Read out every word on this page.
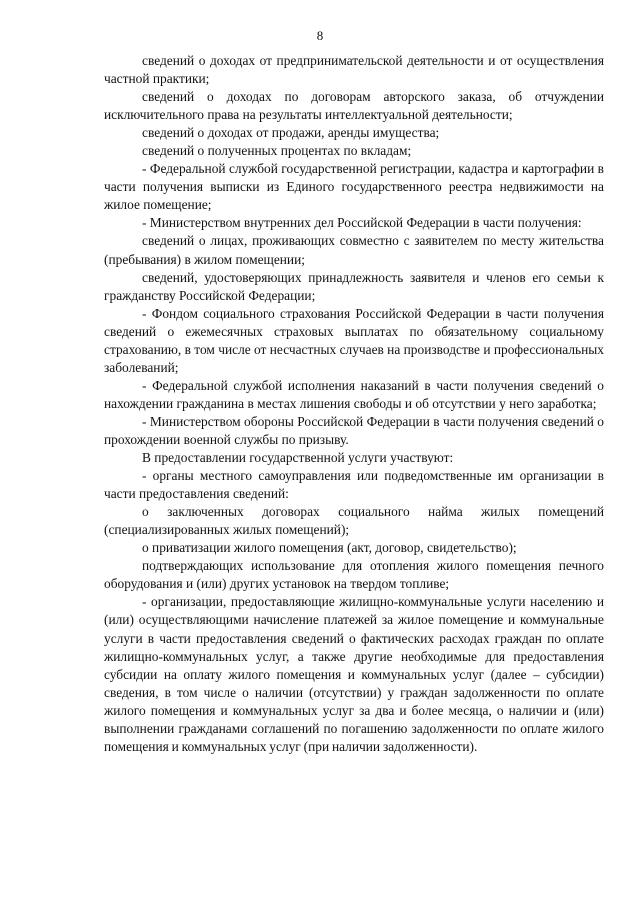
8

сведений о доходах от предпринимательской деятельности и от осуществления частной практики;

сведений о доходах по договорам авторского заказа, об отчуждении исключительного права на результаты интеллектуальной деятельности;

сведений о доходах от продажи, аренды имущества;

сведений о полученных процентах по вкладам;

- Федеральной службой государственной регистрации, кадастра и картографии в части получения выписки из Единого государственного реестра недвижимости на жилое помещение;

- Министерством внутренних дел Российской Федерации в части получения:

сведений о лицах, проживающих совместно с заявителем по месту жительства (пребывания) в жилом помещении;

сведений, удостоверяющих принадлежность заявителя и членов его семьи к гражданству Российской Федерации;

- Фондом социального страхования Российской Федерации в части получения сведений о ежемесячных страховых выплатах по обязательному социальному страхованию, в том числе от несчастных случаев на производстве и профессиональных заболеваний;

- Федеральной службой исполнения наказаний в части получения сведений о нахождении гражданина в местах лишения свободы и об отсутствии у него заработка;

- Министерством обороны Российской Федерации в части получения сведений о прохождении военной службы по призыву.

В предоставлении государственной услуги участвуют:

- органы местного самоуправления или подведомственные им организации в части предоставления сведений:

о заключенных договорах социального найма жилых помещений (специализированных жилых помещений);

о приватизации жилого помещения (акт, договор, свидетельство);

подтверждающих использование для отопления жилого помещения печного оборудования и (или) других установок на твердом топливе;

- организации, предоставляющие жилищно-коммунальные услуги населению и (или) осуществляющими начисление платежей за жилое помещение и коммунальные услуги в части предоставления сведений о фактических расходах граждан по оплате жилищно-коммунальных услуг, а также другие необходимые для предоставления субсидии на оплату жилого помещения и коммунальных услуг (далее – субсидии) сведения, в том числе о наличии (отсутствии) у граждан задолженности по оплате жилого помещения и коммунальных услуг за два и более месяца, о наличии и (или) выполнении гражданами соглашений по погашению задолженности по оплате жилого помещения и коммунальных услуг (при наличии задолженности).
